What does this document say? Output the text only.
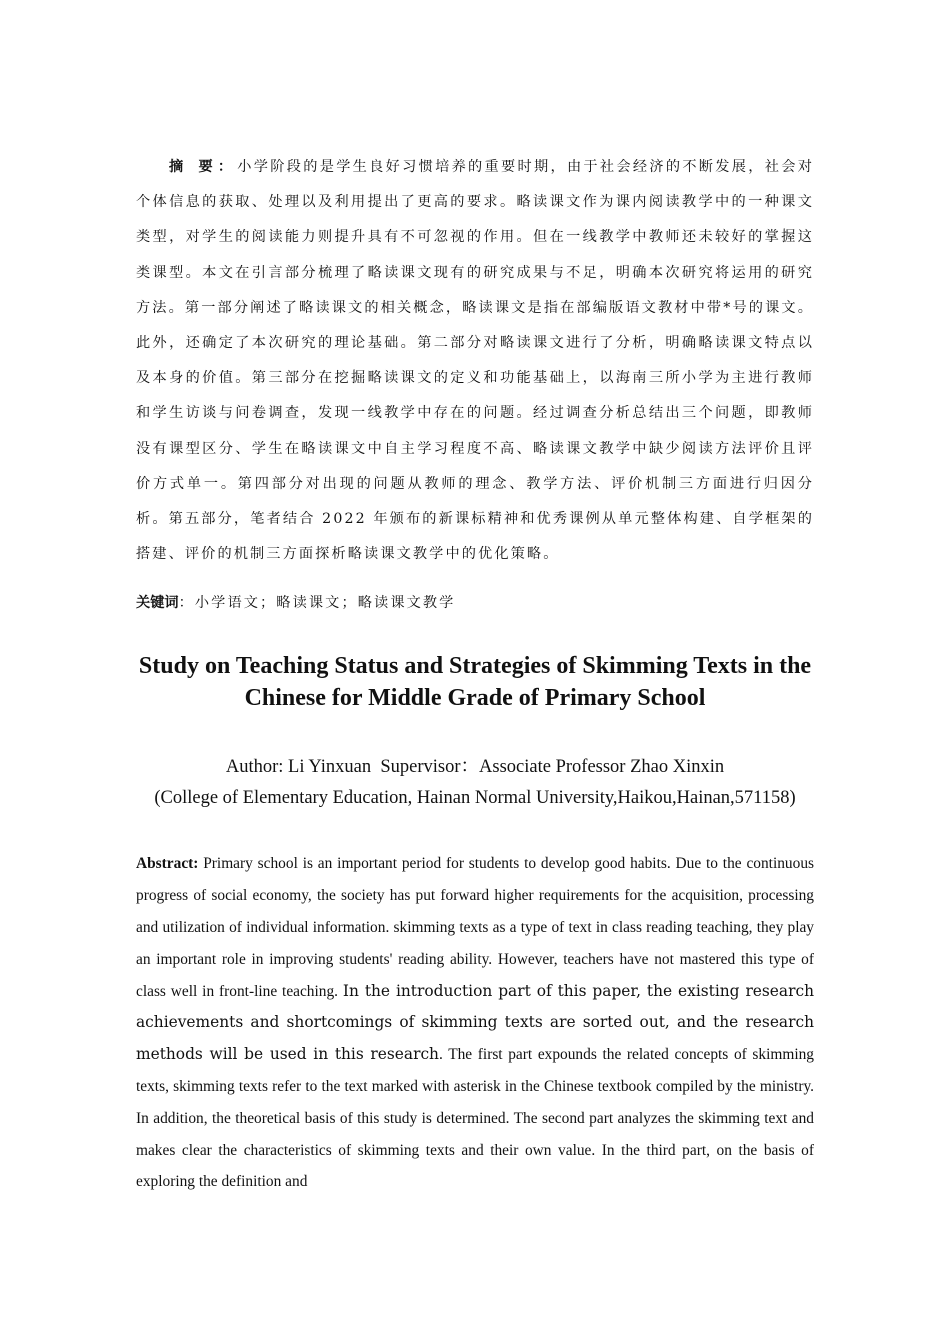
摘 要：小学阶段的是学生良好习惯培养的重要时期，由于社会经济的不断发展，社会对个体信息的获取、处理以及利用提出了更高的要求。略读课文作为课内阅读教学中的一种课文类型，对学生的阅读能力则提升具有不可忽视的作用。但在一线教学中教师还未较好的掌握这类课型。本文在引言部分梳理了略读课文现有的研究成果与不足，明确本次研究将运用的研究方法。第一部分阐述了略读课文的相关概念，略读课文是指在部编版语文教材中带*号的课文。此外，还确定了本次研究的理论基础。第二部分对略读课文进行了分析，明确略读课文特点以及本身的价值。第三部分在挖掘略读课文的定义和功能基础上，以海南三所小学为主进行教师和学生访谈与问卷调查，发现一线教学中存在的问题。经过调查分析总结出三个问题，即教师没有课型区分、学生在略读课文中自主学习程度不高、略读课文教学中缺少阅读方法评价且评价方式单一。第四部分对出现的问题从教师的理念、教学方法、评价机制三方面进行归因分析。第五部分，笔者结合 2022 年颁布的新课标精神和优秀课例从单元整体构建、自学框架的搭建、评价的机制三方面探析略读课文教学中的优化策略。

关键词：小学语文；略读课文；略读课文教学

Study on Teaching Status and Strategies of Skimming Texts in the Chinese for Middle Grade of Primary School

Author: Li Yinxuan  Supervisor：Associate Professor Zhao Xinxin

(College of Elementary Education, Hainan Normal University,Haikou,Hainan,571158)

Abstract: Primary school is an important period for students to develop good habits. Due to the continuous progress of social economy, the society has put forward higher requirements for the acquisition, processing and utilization of individual information. skimming texts as a type of text in class reading teaching, they play an important role in improving students' reading ability. However, teachers have not mastered this type of class well in front-line teaching. In the introduction part of this paper, the existing research achievements and shortcomings of skimming texts are sorted out, and the research methods will be used in this research. The first part expounds the related concepts of skimming texts, skimming texts refer to the text marked with asterisk in the Chinese textbook compiled by the ministry. In addition, the theoretical basis of this study is determined. The second part analyzes the skimming text and makes clear the characteristics of skimming texts and their own value. In the third part, on the basis of exploring the definition and
